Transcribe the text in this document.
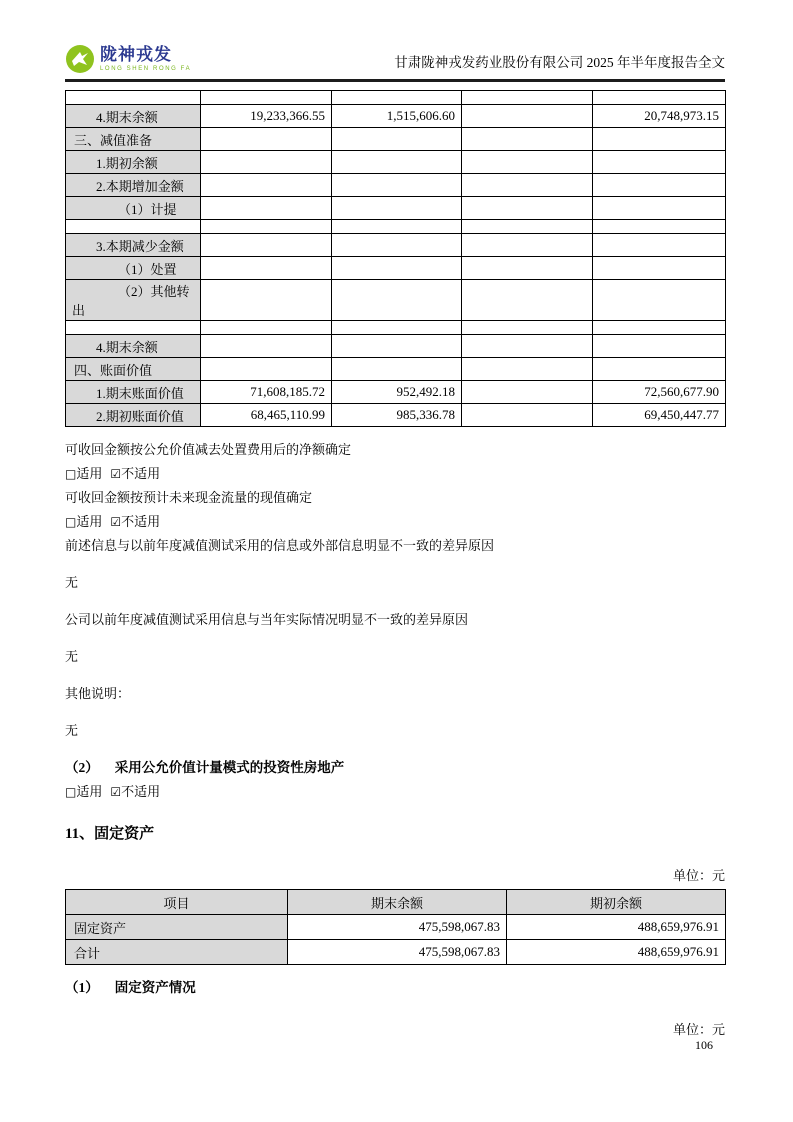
陇神戎发
LONG SHEN RONG FA	甘肃陇神戎发药业股份有限公司 2025 年半年度报告全文

4.期末余额	19,233,366.55	1,515,606.60		20,748,973.15
三、减值准备				
1.期初余额				
2.本期增加金额				
（1）计提				

3.本期减少金额				
（1）处置				
（2）其他转出				

4.期末余额				
四、账面价值				
1.期末账面价值	71,608,185.72	952,492.18		72,560,677.90
2.期初账面价值	68,465,110.99	985,336.78		69,450,447.77
可收回金额按公允价值减去处置费用后的净额确定
□适用 ☑不适用
可收回金额按预计未来现金流量的现值确定
□适用 ☑不适用
前述信息与以前年度减值测试采用的信息或外部信息明显不一致的差异原因
无
公司以前年度减值测试采用信息与当年实际情况明显不一致的差异原因
无
其他说明：
无
（2） 采用公允价值计量模式的投资性房地产
□适用 ☑不适用
11、固定资产
单位：元
项目	期末余额	期初余额
固定资产	475,598,067.83	488,659,976.91
合计	475,598,067.83	488,659,976.91
（1） 固定资产情况
单位：元
106
